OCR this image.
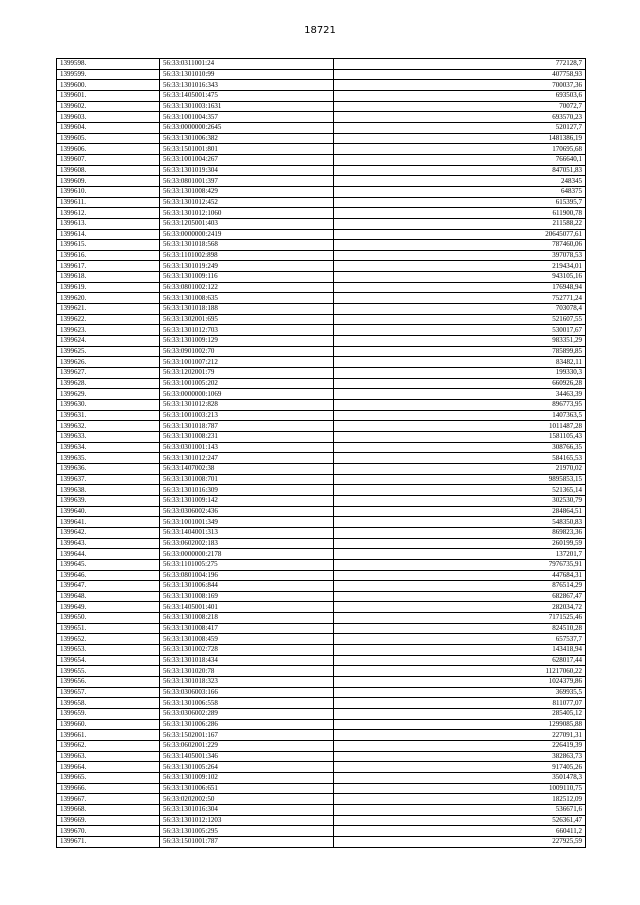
18721
1399598.	56:33:0311001:24	772128,7
1399599.	56:33:1301010:99	407758,93
1399600.	56:33:1301016:343	700037,36
1399601.	56:33:1405001:475	693503,6
1399602.	56:33:1301003:1631	70072,7
1399603.	56:33:1001004:357	693570,23
1399604.	56:33:0000000:2645	520127,7
1399605.	56:33:1301006:382	1481386,19
1399606.	56:33:1501001:801	170695,68
1399607.	56:33:1001004:267	766640,1
1399608.	56:33:1301019:304	847051,83
1399609.	56:33:0801001:397	248345
1399610.	56:33:1301008:429	648375
1399611.	56:33:1301012:452	615395,7
1399612.	56:33:1301012:1060	611900,78
1399613.	56:33:1205001:403	211588,22
1399614.	56:33:0000000:2419	20645077,61
1399615.	56:33:1301018:568	787460,06
1399616.	56:33:1101002:898	397078,53
1399617.	56:33:1301019:249	219434,01
1399618.	56:33:1301009:116	943105,16
1399619.	56:33:0801002:122	176948,94
1399620.	56:33:1301008:635	752771,24
1399621.	56:33:1301018:188	703078,4
1399622.	56:33:1302001:695	521607,55
1399623.	56:33:1301012:703	530017,67
1399624.	56:33:1301009:129	983351,29
1399625.	56:33:0901002:70	785899,85
1399626.	56:33:1001007:212	83482,11
1399627.	56:33:1202001:79	199330,3
1399628.	56:33:1001005:202	660926,28
1399629.	56:33:0000000:1069	34463,39
1399630.	56:33:1301012:828	896773,95
1399631.	56:33:1001003:213	1407363,5
1399632.	56:33:1301018:787	1011487,28
1399633.	56:33:1301008:231	1581105,43
1399634.	56:33:0301001:143	308766,35
1399635.	56:33:1301012:247	584165,53
1399636.	56:33:1407002:38	21970,02
1399637.	56:33:1301008:701	9895853,15
1399638.	56:33:1301016:309	521365,14
1399639.	56:33:1301009:142	302530,79
1399640.	56:33:0306002:436	284864,51
1399641.	56:33:1001001:349	548350,83
1399642.	56:33:1404001:313	869823,36
1399643.	56:33:0602002:183	260199,59
1399644.	56:33:0000000:2178	137201,7
1399645.	56:33:1101005:275	7976735,91
1399646.	56:33:0801004:196	447684,31
1399647.	56:33:1301006:844	876514,29
1399648.	56:33:1301008:169	682867,47
1399649.	56:33:1405001:401	282034,72
1399650.	56:33:1301008:218	7171525,46
1399651.	56:33:1301008:417	824510,28
1399652.	56:33:1301008:459	657537,7
1399653.	56:33:1301002:728	143418,94
1399654.	56:33:1301018:434	628017,44
1399655.	56:33:1301020:78	11217060,22
1399656.	56:33:1301018:323	1024379,86
1399657.	56:33:0306003:166	369935,5
1399658.	56:33:1301006:558	811077,07
1399659.	56:33:0306002:289	285405,12
1399660.	56:33:1301006:286	1299085,88
1399661.	56:33:1502001:167	227091,31
1399662.	56:33:0602001:229	226419,39
1399663.	56:33:1405001:346	382863,73
1399664.	56:33:1301005:264	917405,26
1399665.	56:33:1301009:102	3501478,3
1399666.	56:33:1301006:651	1009110,75
1399667.	56:33:0202002:50	182512,09
1399668.	56:33:1301016:304	536671,6
1399669.	56:33:1301012:1203	526361,47
1399670.	56:33:1301005:295	660411,2
1399671.	56:33:1501001:787	227925,59
